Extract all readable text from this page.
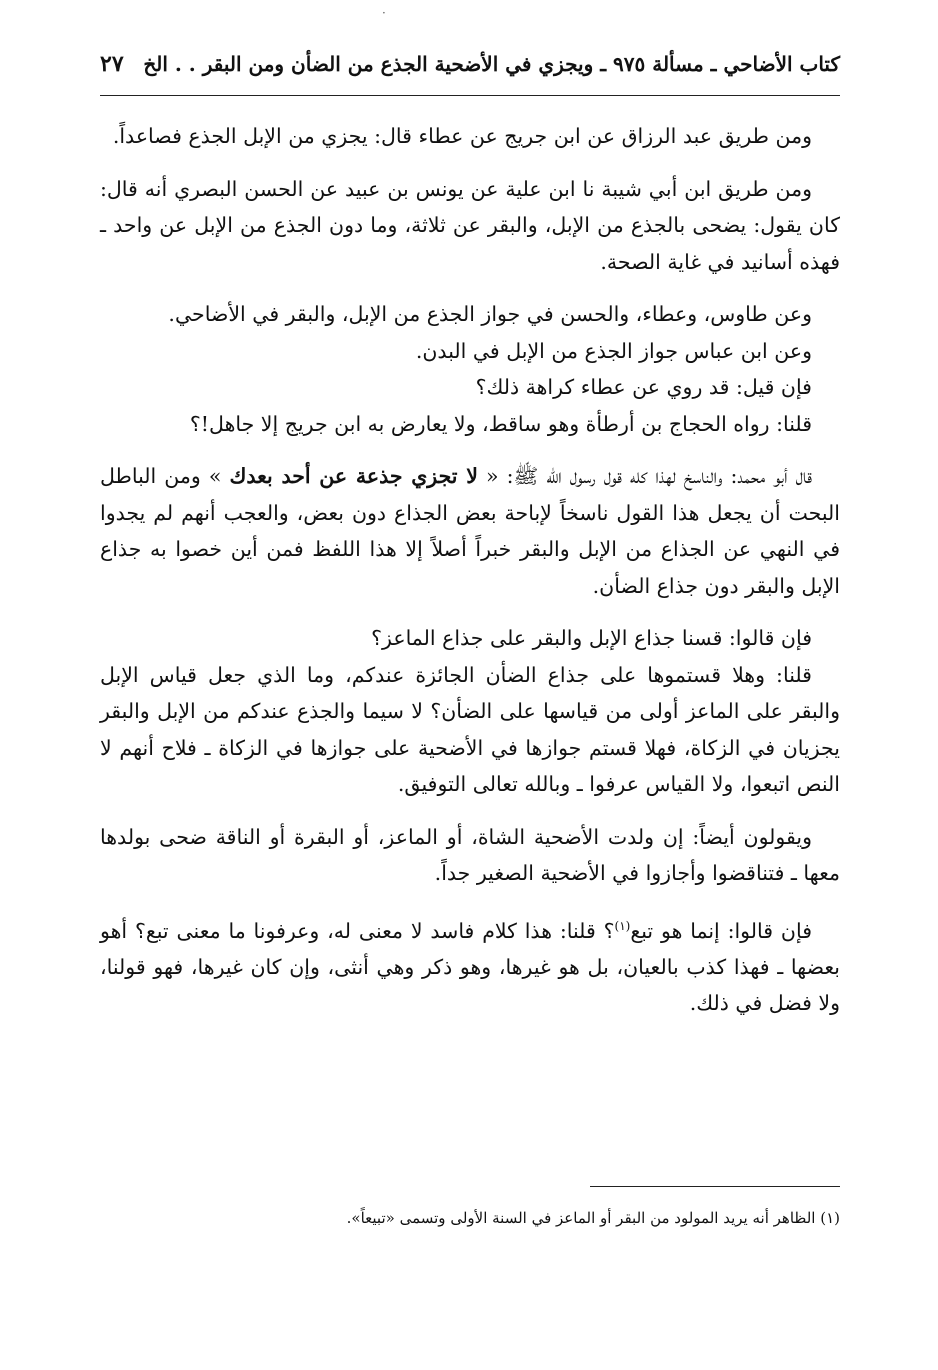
·
كتاب الأضاحي ـ مسألة ٩٧٥ ـ ويجزي في الأضحية الجذع من الضأن ومن البقر . . الخ
٢٧

ومن طريق عبد الرزاق عن ابن جريج عن عطاء قال: يجزي من الإبل الجذع فصاعداً.

ومن طريق ابن أبي شيبة نا ابن علية عن يونس بن عبيد عن الحسن البصري أنه قال: كان يقول: يضحى بالجذع من الإبل، والبقر عن ثلاثة، وما دون الجذع من الإبل عن واحد ـ فهذه أسانيد في غاية الصحة.

وعن طاوس، وعطاء، والحسن في جواز الجذع من الإبل، والبقر في الأضاحي.

وعن ابن عباس جواز الجذع من الإبل في البدن.

فإن قيل: قد روي عن عطاء كراهة ذلك؟

قلنا: رواه الحجاج بن أرطأة وهو ساقط، ولا يعارض به ابن جريج إلا جاهل!؟

قال أبو محمد: والناسخ لهذا كله قول رسول الله ﷺ: « لا تجزي جذعة عن أحد بعدك » ومن الباطل البحت أن يجعل هذا القول ناسخاً لإباحة بعض الجذاع دون بعض، والعجب أنهم لم يجدوا في النهي عن الجذاع من الإبل والبقر خبراً أصلاً إلا هذا اللفظ فمن أين خصوا به جذاع الإبل والبقر دون جذاع الضأن.

فإن قالوا: قسنا جذاع الإبل والبقر على جذاع الماعز؟

قلنا: وهلا قستموها على جذاع الضأن الجائزة عندكم، وما الذي جعل قياس الإبل والبقر على الماعز أولى من قياسها على الضأن؟ لا سيما والجذع عندكم من الإبل والبقر يجزيان في الزكاة، فهلا قستم جوازها في الأضحية على جوازها في الزكاة ـ فلاح أنهم لا النص اتبعوا، ولا القياس عرفوا ـ وبالله تعالى التوفيق.

ويقولون أيضاً: إن ولدت الأضحية الشاة، أو الماعز، أو البقرة أو الناقة ضحى بولدها معها ـ فتناقضوا وأجازوا في الأضحية الصغير جداً.

فإن قالوا: إنما هو تبع$^{(١)}$؟ قلنا: هذا كلام فاسد لا معنى له، وعرفونا ما معنى تبع؟ أهو بعضها ـ فهذا كذب بالعيان، بل هو غيرها، وهو ذكر وهي أنثى، وإن كان غيرها، فهو قولنا، ولا فضل في ذلك.

(١) الظاهر أنه يريد المولود من البقر أو الماعز في السنة الأولى وتسمى «تبيعاً».
